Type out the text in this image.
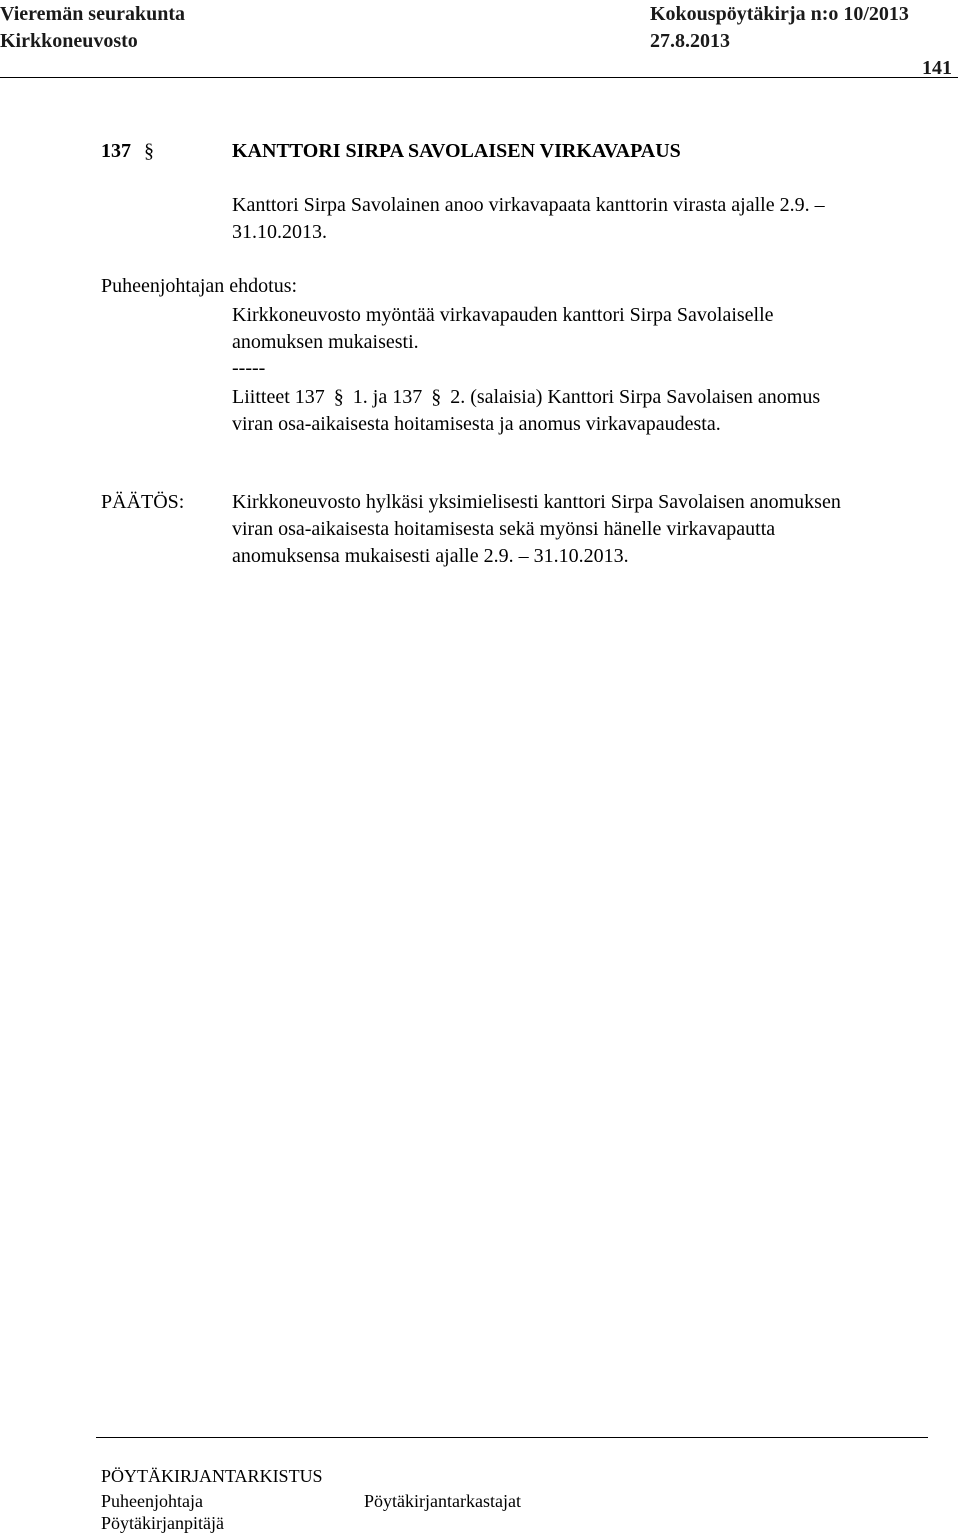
Vieremän seurakunta	Kokouspöytäkirja n:o 10/2013
Kirkkoneuvosto	27.8.2013
141
137 §	KANTTORI SIRPA SAVOLAISEN VIRKAVAPAUS
Kanttori Sirpa Savolainen anoo virkavapaata kanttorin virasta ajalle 2.9. –
31.10.2013.
Puheenjohtajan ehdotus:
Kirkkoneuvosto myöntää virkavapauden kanttori Sirpa Savolaiselle
anomuksen mukaisesti.
-----
Liitteet 137 § 1. ja 137 § 2. (salaisia) Kanttori Sirpa Savolaisen anomus
viran osa-aikaisesta hoitamisesta ja anomus virkavapaudesta.
PÄÄTÖS: Kirkkoneuvosto hylkäsi yksimielisesti kanttori Sirpa Savolaisen anomuksen
viran osa-aikaisesta hoitamisesta sekä myönsi hänelle virkavapautta
anomuksensa mukaisesti ajalle 2.9. – 31.10.2013.
PÖYTÄKIRJANTARKISTUS
Puheenjohtaja	Pöytäkirjantarkastajat
Pöytäkirjanpitäjä
